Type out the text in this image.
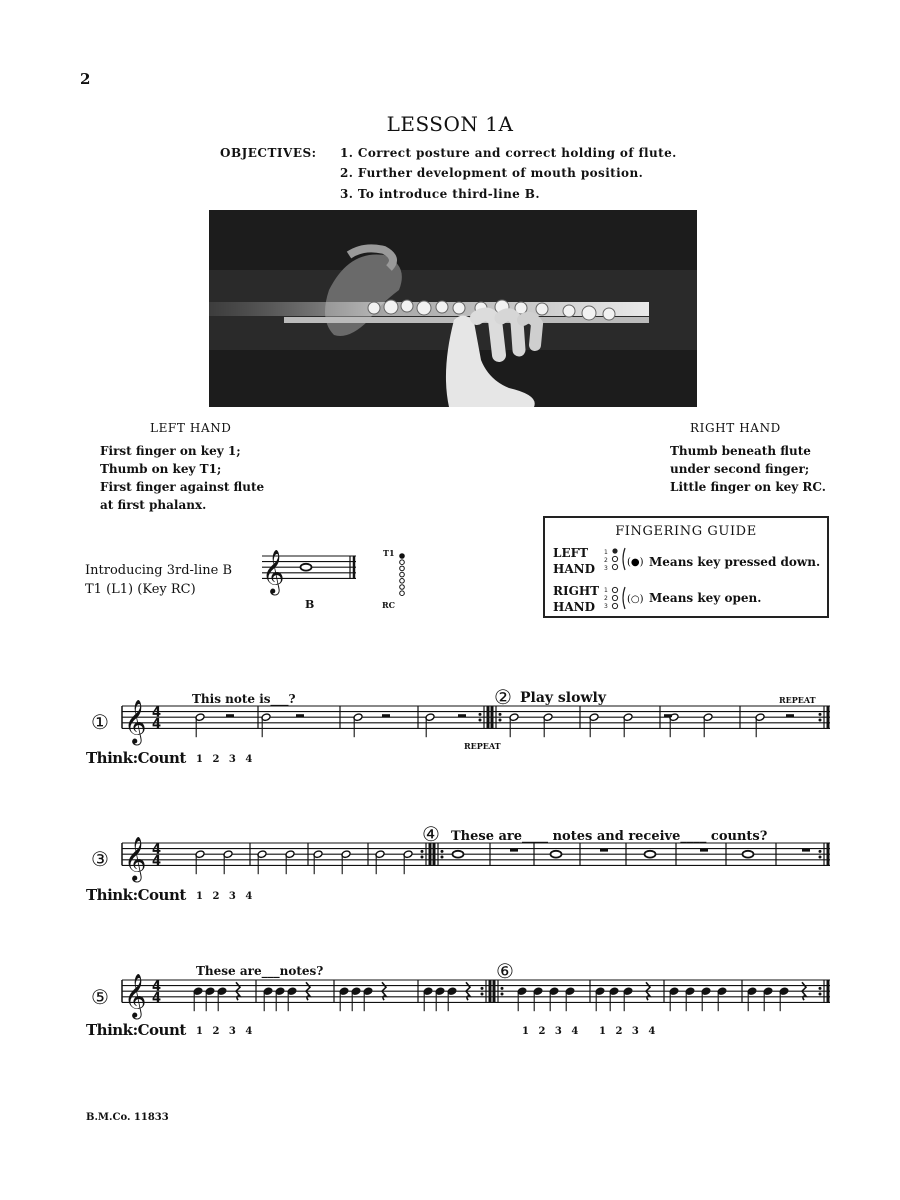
2
LESSON 1A
OBJECTIVES: 1. Correct posture and correct holding of flute.
2. Further development of mouth position.
3. To introduce third-line B.
LEFT HAND
First finger on key 1;
Thumb on key T1;
First finger against flute
at first phalanx.
RIGHT HAND
Thumb beneath flute
under second finger;
Little finger on key RC.
FINGERING GUIDE
LEFT
HAND
RIGHT
HAND
1
2
3
1
2
3
(●)
(○)
Means key pressed down.
Means key open.
Introducing 3rd-line B
T1 (L1) (Key RC)
B
T1
RC
①
This note is___?	② Play slowly	REPEAT
REPEAT
Think:Count 1 2 3 4
③
④ These are____ notes and receive____ counts?
Think:Count 1 2 3 4
⑤
These are___notes?	⑥
Think:Count 1 2 3 4	1 2 3 4 1 2 3 4
𝄞
𝄞 4
4
𝄞 4
4
𝄞 4
4
B.M.Co. 11833
